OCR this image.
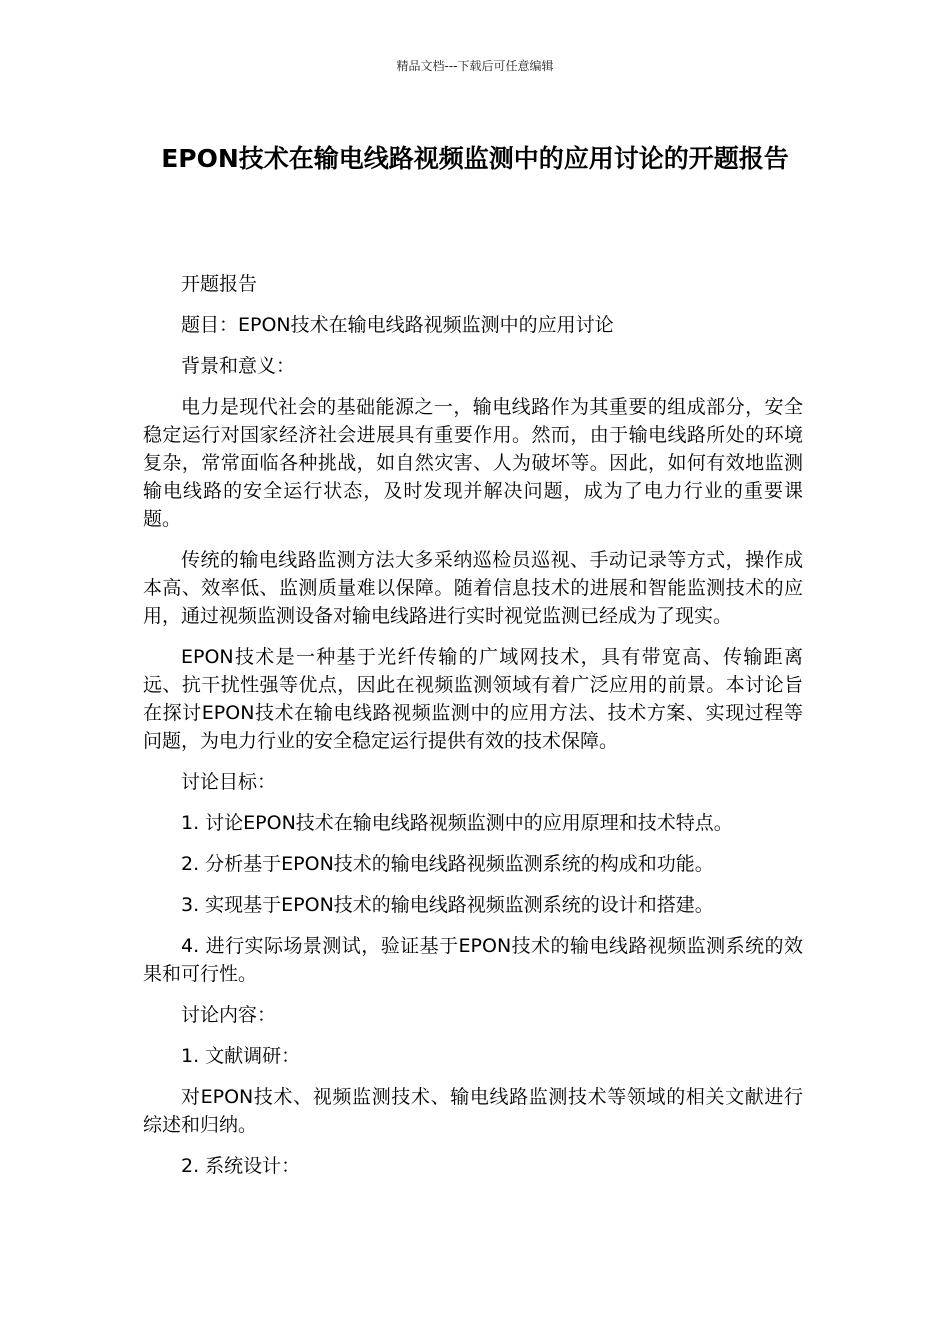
精品文档---下载后可任意编辑
EPON技术在输电线路视频监测中的应用讨论的开题报告

开题报告

题目：EPON技术在输电线路视频监测中的应用讨论

背景和意义：

电力是现代社会的基础能源之一，输电线路作为其重要的组成部分，安全稳定运行对国家经济社会进展具有重要作用。然而，由于输电线路所处的环境复杂，常常面临各种挑战，如自然灾害、人为破坏等。因此，如何有效地监测输电线路的安全运行状态，及时发现并解决问题，成为了电力行业的重要课题。

传统的输电线路监测方法大多采纳巡检员巡视、手动记录等方式，操作成本高、效率低、监测质量难以保障。随着信息技术的进展和智能监测技术的应用，通过视频监测设备对输电线路进行实时视觉监测已经成为了现实。

EPON技术是一种基于光纤传输的广域网技术，具有带宽高、传输距离远、抗干扰性强等优点，因此在视频监测领域有着广泛应用的前景。本讨论旨在探讨EPON技术在输电线路视频监测中的应用方法、技术方案、实现过程等问题，为电力行业的安全稳定运行提供有效的技术保障。

讨论目标：

1. 讨论EPON技术在输电线路视频监测中的应用原理和技术特点。

2. 分析基于EPON技术的输电线路视频监测系统的构成和功能。

3. 实现基于EPON技术的输电线路视频监测系统的设计和搭建。

4. 进行实际场景测试，验证基于EPON技术的输电线路视频监测系统的效果和可行性。

讨论内容：

1. 文献调研：

对EPON技术、视频监测技术、输电线路监测技术等领域的相关文献进行综述和归纳。

2. 系统设计：
